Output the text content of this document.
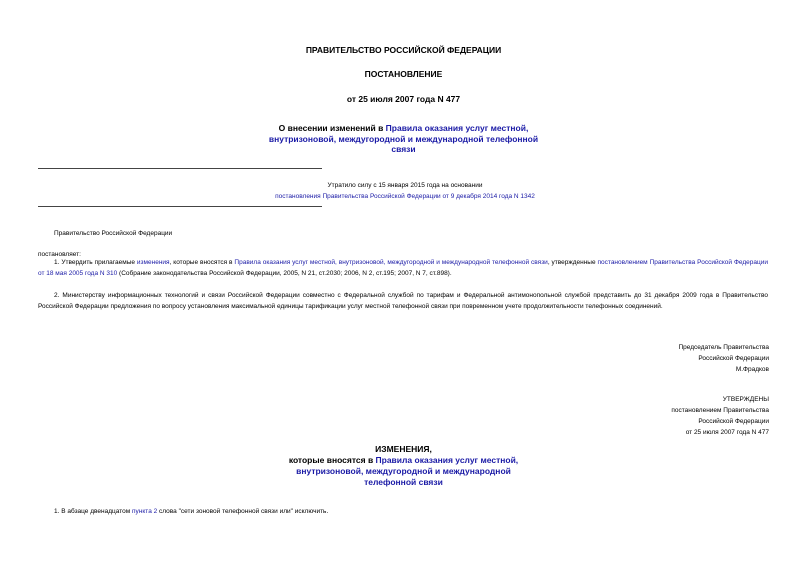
ПРАВИТЕЛЬСТВО РОССИЙСКОЙ ФЕДЕРАЦИИ
ПОСТАНОВЛЕНИЕ
от 25 июля 2007 года N 477
О внесении изменений в Правила оказания услуг местной, внутризоновой, междугородной и международной телефонной связи
Утратило силу с 15 января 2015 года на основании
постановления Правительства Российской Федерации от 9 декабря 2014 года N 1342
Правительство Российской Федерации
постановляет:
1. Утвердить прилагаемые изменения, которые вносятся в Правила оказания услуг местной, внутризоновой, междугородной и международной телефонной связи, утвержденные постановлением Правительства Российской Федерации от 18 мая 2005 года N 310 (Собрание законодательства Российской Федерации, 2005, N 21, ст.2030; 2006, N 2, ст.195; 2007, N 7, ст.898).
2. Министерству информационных технологий и связи Российской Федерации совместно с Федеральной службой по тарифам и Федеральной антимонопольной службой представить до 31 декабря 2009 года в Правительство Российской Федерации предложения по вопросу установления максимальной единицы тарификации услуг местной телефонной связи при повременном учете продолжительности телефонных соединений.
Председатель Правительства
Российской Федерации
М.Фрадков
УТВЕРЖДЕНЫ
постановлением Правительства
Российской Федерации
от 25 июля 2007 года N 477
ИЗМЕНЕНИЯ,
которые вносятся в Правила оказания услуг местной, внутризоновой, междугородной и международной телефонной связи
1. В абзаце двенадцатом пункта 2 слова "сети зоновой телефонной связи или" исключить.
